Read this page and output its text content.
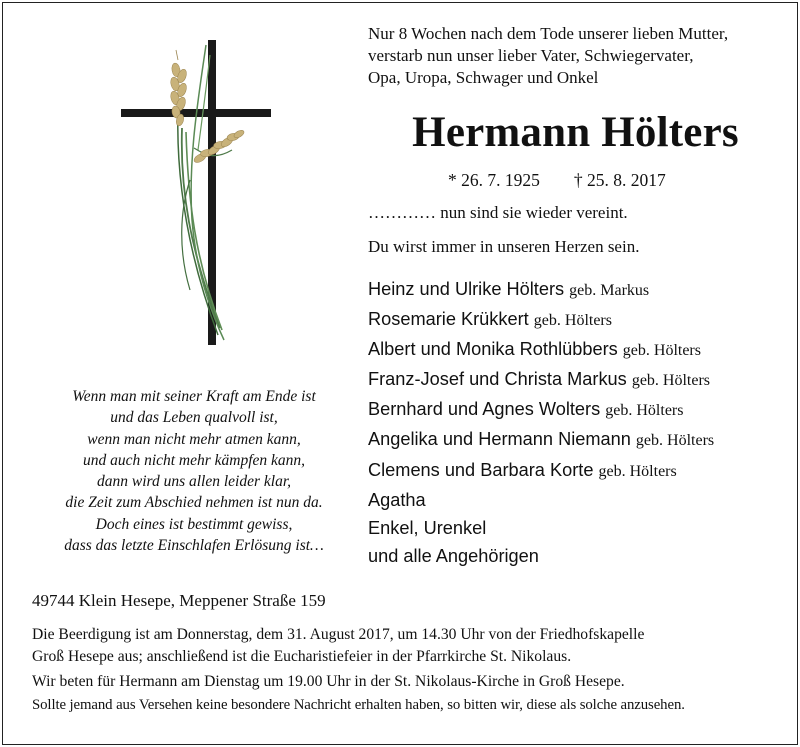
Nur 8 Wochen nach dem Tode unserer lieben Mutter,
verstarb nun unser lieber Vater, Schwiegervater,
Opa, Uropa, Schwager und Onkel
Hermann Hölters
* 26. 7. 1925 † 25. 8. 2017
………… nun sind sie wieder vereint.
Du wirst immer in unseren Herzen sein.
Heinz und Ulrike Hölters geb. Markus
Rosemarie Krükkert geb. Hölters
Albert und Monika Rothlübbers geb. Hölters
Franz-Josef und Christa Markus geb. Hölters
Bernhard und Agnes Wolters geb. Hölters
Angelika und Hermann Niemann geb. Hölters
Clemens und Barbara Korte geb. Hölters
Agatha
Enkel, Urenkel
und alle Angehörigen
Wenn man mit seiner Kraft am Ende ist
und das Leben qualvoll ist,
wenn man nicht mehr atmen kann,
und auch nicht mehr kämpfen kann,
dann wird uns allen leider klar,
die Zeit zum Abschied nehmen ist nun da.
Doch eines ist bestimmt gewiss,
dass das letzte Einschlafen Erlösung ist…
49744 Klein Hesepe, Meppener Straße 159
Die Beerdigung ist am Donnerstag, dem 31. August 2017, um 14.30 Uhr von der Friedhofskapelle
Groß Hesepe aus; anschließend ist die Eucharistiefeier in der Pfarrkirche St. Nikolaus.
Wir beten für Hermann am Dienstag um 19.00 Uhr in der St. Nikolaus-Kirche in Groß Hesepe.
Sollte jemand aus Versehen keine besondere Nachricht erhalten haben, so bitten wir, diese als solche anzusehen.
